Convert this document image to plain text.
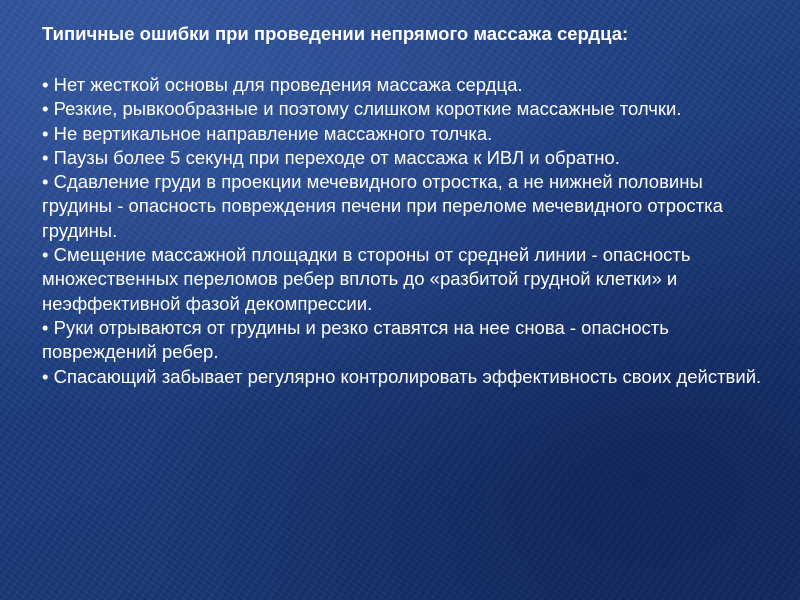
Типичные ошибки при проведении непрямого массажа сердца:
• Нет жесткой основы для проведения массажа сердца.
• Резкие, рывкообразные и поэтому слишком короткие массажные толчки.
• Не вертикальное направление массажного толчка.
• Паузы более 5 секунд при переходе от массажа к ИВЛ и обратно.
• Сдавление груди в проекции мечевидного отростка, а не нижней половины грудины - опасность повреждения печени при переломе мечевидного отростка грудины.
• Смещение массажной площадки в стороны от средней линии - опасность множественных переломов ребер вплоть до «разбитой грудной клетки» и неэффективной фазой декомпрессии.
• Руки отрываются от грудины и резко ставятся на нее снова - опасность повреждений ребер.
• Спасающий забывает регулярно контролировать эффективность своих действий.
